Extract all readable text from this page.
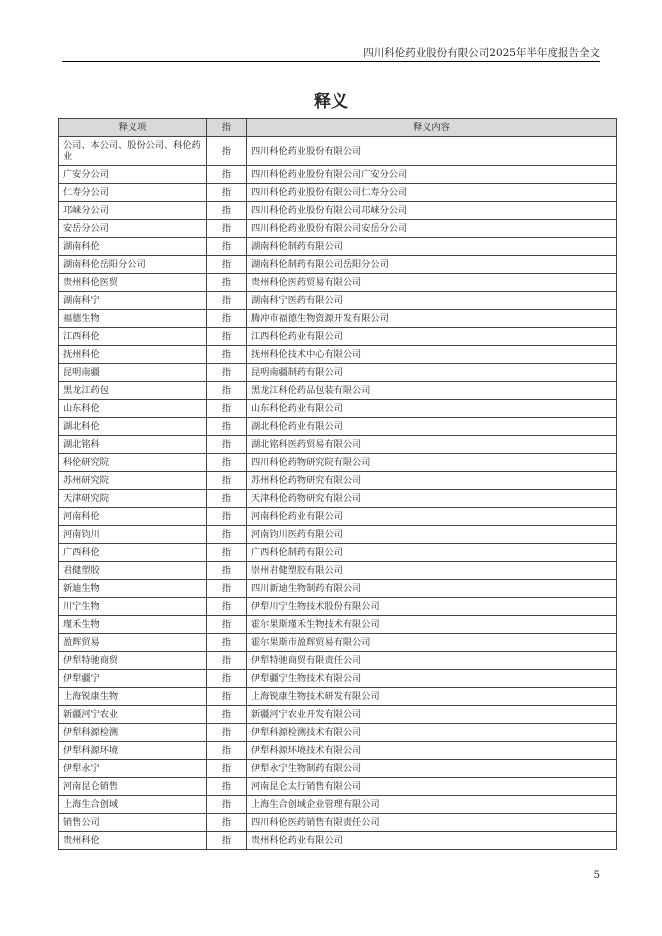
四川科伦药业股份有限公司2025年半年度报告全文
释义
释义项	指	释义内容
公司、本公司、股份公司、科伦药业	指	四川科伦药业股份有限公司
广安分公司	指	四川科伦药业股份有限公司广安分公司
仁寿分公司	指	四川科伦药业股份有限公司仁寿分公司
邛崃分公司	指	四川科伦药业股份有限公司邛崃分公司
安岳分公司	指	四川科伦药业股份有限公司安岳分公司
湖南科伦	指	湖南科伦制药有限公司
湖南科伦岳阳分公司	指	湖南科伦制药有限公司岳阳分公司
贵州科伦医贸	指	贵州科伦医药贸易有限公司
湖南科宁	指	湖南科宁医药有限公司
福德生物	指	腾冲市福德生物资源开发有限公司
江西科伦	指	江西科伦药业有限公司
抚州科伦	指	抚州科伦技术中心有限公司
昆明南疆	指	昆明南疆制药有限公司
黑龙江药包	指	黑龙江科伦药品包装有限公司
山东科伦	指	山东科伦药业有限公司
湖北科伦	指	湖北科伦药业有限公司
湖北铭科	指	湖北铭科医药贸易有限公司
科伦研究院	指	四川科伦药物研究院有限公司
苏州研究院	指	苏州科伦药物研究有限公司
天津研究院	指	天津科伦药物研究有限公司
河南科伦	指	河南科伦药业有限公司
河南钧川	指	河南钧川医药有限公司
广西科伦	指	广西科伦制药有限公司
君健塑胶	指	崇州君健塑胶有限公司
新迪生物	指	四川新迪生物制药有限公司
川宁生物	指	伊犁川宁生物技术股份有限公司
瑾禾生物	指	霍尔果斯瑾禾生物技术有限公司
盈辉贸易	指	霍尔果斯市盈辉贸易有限公司
伊犁特驰商贸	指	伊犁特驰商贸有限责任公司
伊犁疆宁	指	伊犁疆宁生物技术有限公司
上海锐康生物	指	上海锐康生物技术研发有限公司
新疆河宁农业	指	新疆河宁农业开发有限公司
伊犁科源检测	指	伊犁科源检测技术有限公司
伊犁科源环境	指	伊犁科源环境技术有限公司
伊犁永宁	指	伊犁永宁生物制药有限公司
河南昆仑销售	指	河南昆仑太行销售有限公司
上海生合创域	指	上海生合创域企业管理有限公司
销售公司	指	四川科伦医药销售有限责任公司
贵州科伦	指	贵州科伦药业有限公司
5
